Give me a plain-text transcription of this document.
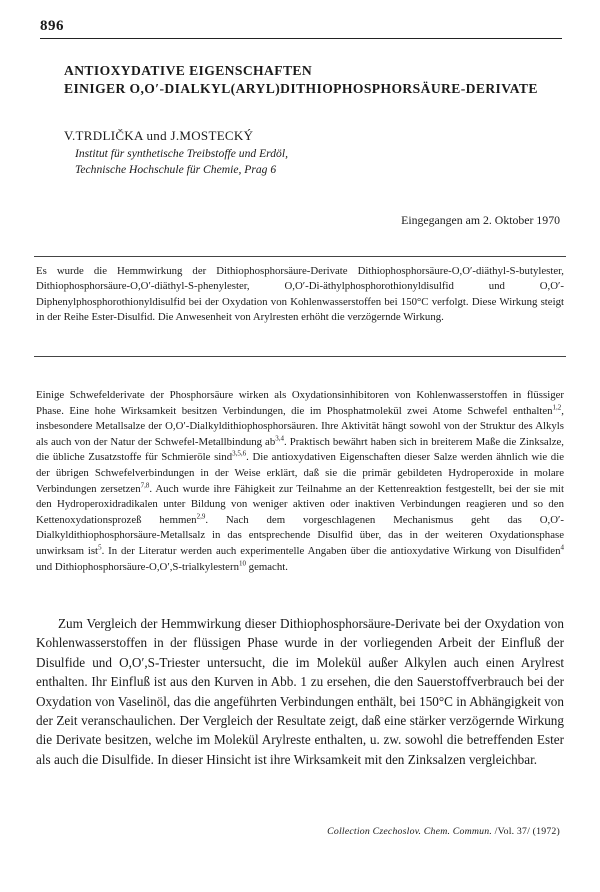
896
ANTIOXYDATIVE EIGENSCHAFTEN
EINIGER O,O′-DIALKYL(ARYL)DITHIOPHOSPHORSÄURE-DERIVATE
V.TRDLIČKA und J.MOSTECKÝ
Institut für synthetische Treibstoffe und Erdöl,
Technische Hochschule für Chemie, Prag 6
Eingegangen am 2. Oktober 1970

Es wurde die Hemmwirkung der Dithiophosphorsäure-Derivate Dithiophosphorsäure-O,O′-diäthyl-S-butylester, Dithiophosphorsäure-O,O′-diäthyl-S-phenylester, O,O′-Di-äthylphosphorothionyldisulfid und O,O′-Diphenylphosphorothionyldisulfid bei der Oxydation von Kohlenwasserstoffen bei 150°C verfolgt. Diese Wirkung steigt in der Reihe Ester-Disulfid. Die Anwesenheit von Arylresten erhöht die verzögernde Wirkung.

Einige Schwefelderivate der Phosphorsäure wirken als Oxydationsinhibitoren von Kohlenwasserstoffen in flüssiger Phase. Eine hohe Wirksamkeit besitzen Verbindungen, die im Phosphatmolekül zwei Atome Schwefel enthalten$^{1,2}$, insbesondere Metallsalze der O,O′-Dialkyldithiophosphorsäuren. Ihre Aktivität hängt sowohl von der Struktur des Alkyls als auch von der Natur der Schwefel-Metallbindung ab$^{3,4}$. Praktisch bewährt haben sich in breiterem Maße die Zinksalze, die übliche Zusatzstoffe für Schmieröle sind$^{3,5,6}$. Die antioxydativen Eigenschaften dieser Salze werden ähnlich wie die der übrigen Schwefelverbindungen in der Weise erklärt, daß sie die primär gebildeten Hydroperoxide in molare Verbindungen zersetzen$^{7,8}$. Auch wurde ihre Fähigkeit zur Teilnahme an der Kettenreaktion festgestellt, bei der sie mit den Hydroperoxidradikalen unter Bildung von weniger aktiven oder inaktiven Verbindungen reagieren und so den Kettenoxydationsprozeß hemmen$^{2,9}$. Nach dem vorgeschlagenen Mechanismus geht das O,O′-Dialkyldithiophosphorsäure-Metallsalz in das entsprechende Disulfid über, das in der weiteren Oxydationsphase unwirksam ist$^5$. In der Literatur werden auch experimentelle Angaben über die antioxydative Wirkung von Disulfiden$^4$ und Dithiophosphorsäure-O,O′,S-trialkylestern$^{10}$ gemacht.

Zum Vergleich der Hemmwirkung dieser Dithiophosphorsäure-Derivate bei der Oxydation von Kohlenwasserstoffen in der flüssigen Phase wurde in der vorliegenden Arbeit der Einfluß der Disulfide und O,O′,S-Triester untersucht, die im Molekül außer Alkylen auch einen Arylrest enthalten. Ihr Einfluß ist aus den Kurven in Abb. 1 zu ersehen, die den Sauerstoffverbrauch bei der Oxydation von Vaselinöl, das die angeführten Verbindungen enthält, bei 150°C in Abhängigkeit von der Zeit veranschaulichen. Der Vergleich der Resultate zeigt, daß eine stärker verzögernde Wirkung die Derivate besitzen, welche im Molekül Arylreste enthalten, u. zw. sowohl die betreffenden Ester als auch die Disulfide. In dieser Hinsicht ist ihre Wirksamkeit mit den Zinksalzen vergleichbar.

Collection Czechoslov. Chem. Commun. /Vol. 37/ (1972)
